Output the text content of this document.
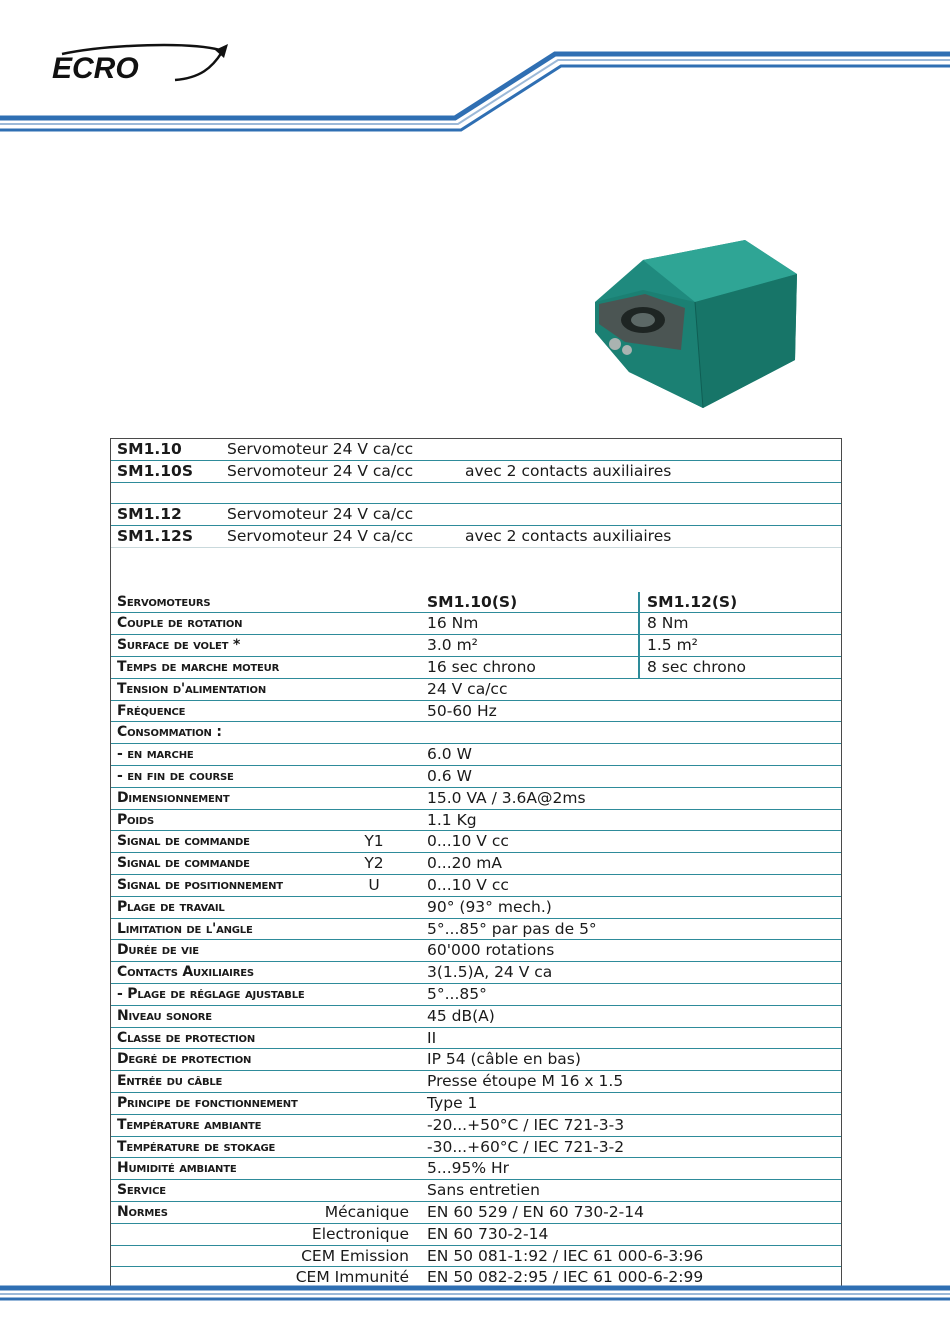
ECRO
SM1.10	Servomoteur 24 V ca/cc
SM1.10S Servomoteur 24 V ca/cc	avec 2 contacts auxiliaires
SM1.12	Servomoteur 24 V ca/cc
SM1.12S Servomoteur 24 V ca/cc	avec 2 contacts auxiliaires
Servomoteurs	SM1.10(S)	SM1.12(S)
Couple de rotation	16 Nm	8 Nm
Surface de volet *	3.0 m²	1.5 m²
Temps de marche moteur	16 sec chrono	8 sec chrono
Tension d'alimentation	24 V ca/cc
Fréquence	50-60 Hz
Consommation :
- en marche	6.0 W
- en fin de course	0.6 W
Dimensionnement	15.0 VA / 3.6A@2ms
Poids	1.1 Kg
Signal de commande	Y1	0...10 V cc
Signal de commande	Y2	0...20 mA
Signal de positionnement	U	0...10 V cc
Plage de travail	90° (93° mech.)
Limitation de l'angle	5°...85° par pas de 5°
Durée de vie	60'000 rotations
Contacts Auxiliaires	3(1.5)A, 24 V ca
- Plage de réglage ajustable	5°...85°
Niveau sonore	45 dB(A)
Classe de protection	II
Degré de protection	IP 54 (câble en bas)
Entrée du câble	Presse étoupe M 16 x 1.5
Principe de fonctionnement	Type 1
Température ambiante	-20...+50°C / IEC 721-3-3
Température de stokage	-30...+60°C / IEC 721-3-2
Humidité ambiante	5...95% Hr
Service	Sans entretien
Normes	Mécanique EN 60 529 / EN 60 730-2-14
Electronique EN 60 730-2-14
CEM Emission EN 50 081-1:92 / IEC 61 000-6-3:96
CEM Immunité EN 50 082-2:95 / IEC 61 000-6-2:99
